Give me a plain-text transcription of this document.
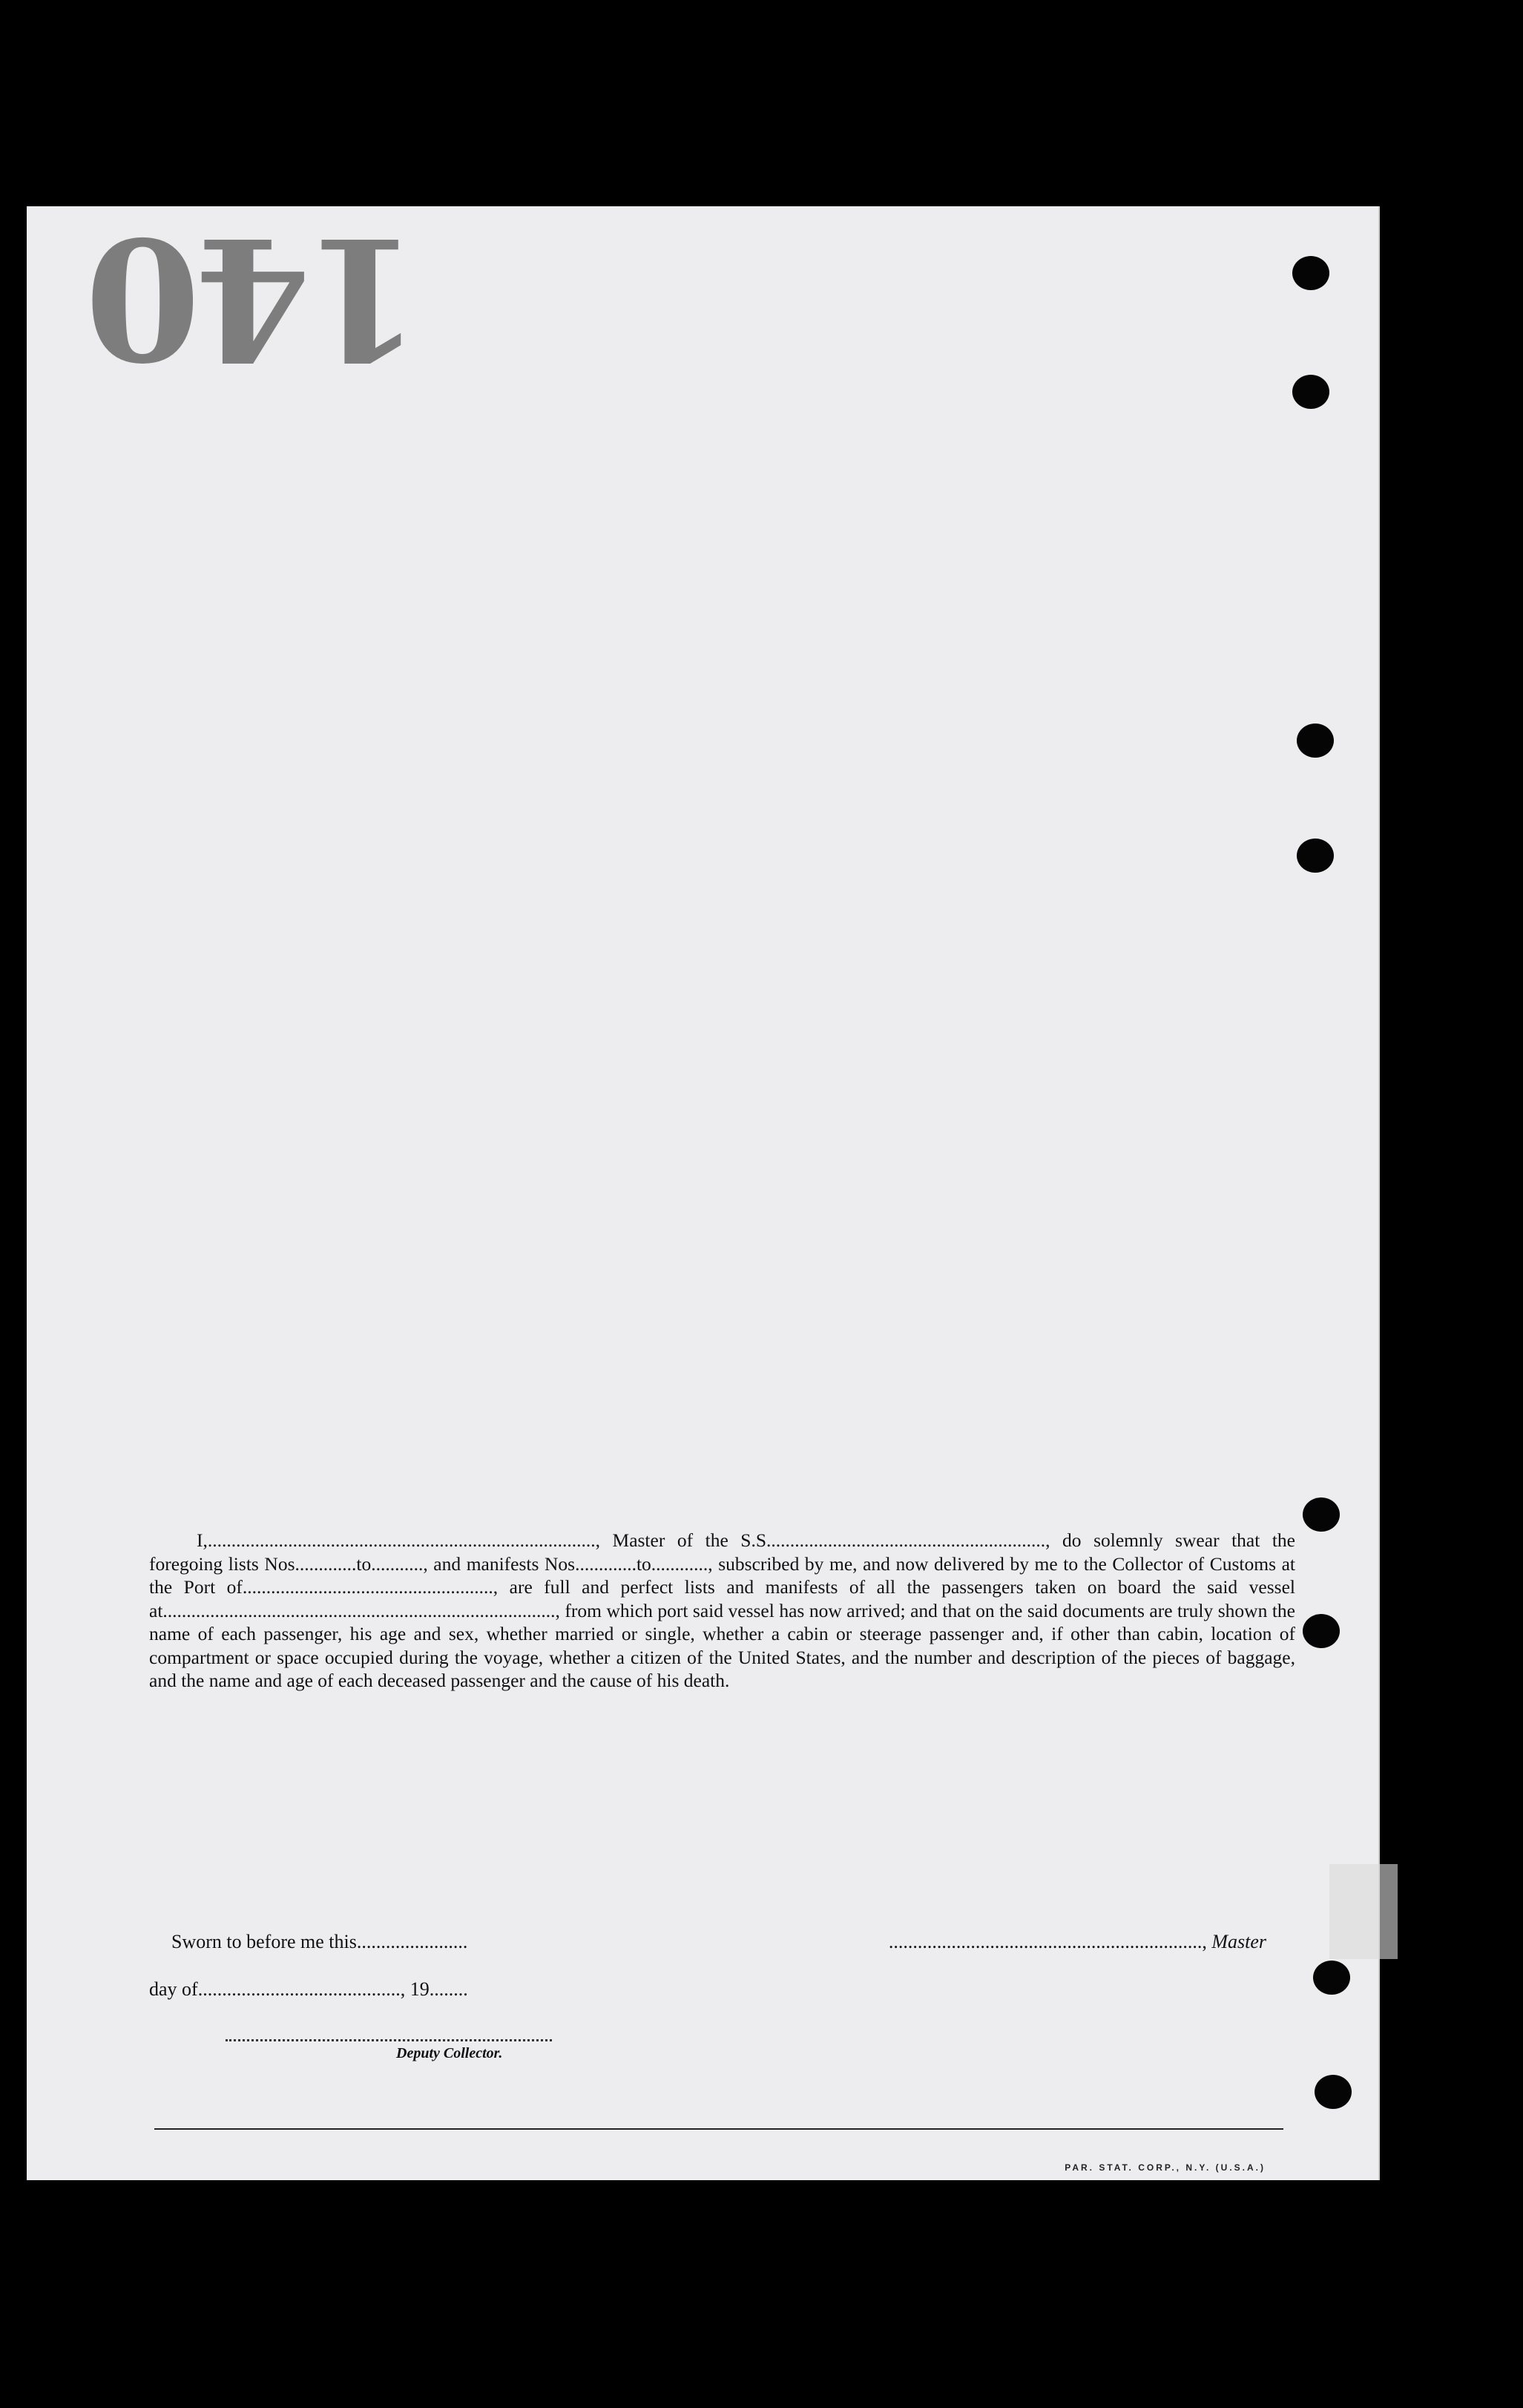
140

I,.................................................................................., Master of the S.S..........................................................., do solemnly swear that the foregoing lists Nos.............to..........., and manifests Nos.............to............, subscribed by me, and now delivered by me to the Collector of Customs at the Port of....................................................., are full and perfect lists and manifests of all the passengers taken on board the said vessel at..................................................................................., from which port said vessel has now arrived; and that on the said documents are truly shown the name of each passenger, his age and sex, whether married or single, whether a cabin or steerage passenger and, if other than cabin, location of compartment or space occupied during the voyage, whether a citizen of the United States, and the number and description of the pieces of baggage, and the name and age of each deceased passenger and the cause of his death.

Sworn to before me this.......................	................................................................., Master
day of.........................................., 19........
Deputy Collector.
PAR. STAT. CORP., N.Y. (U.S.A.)
